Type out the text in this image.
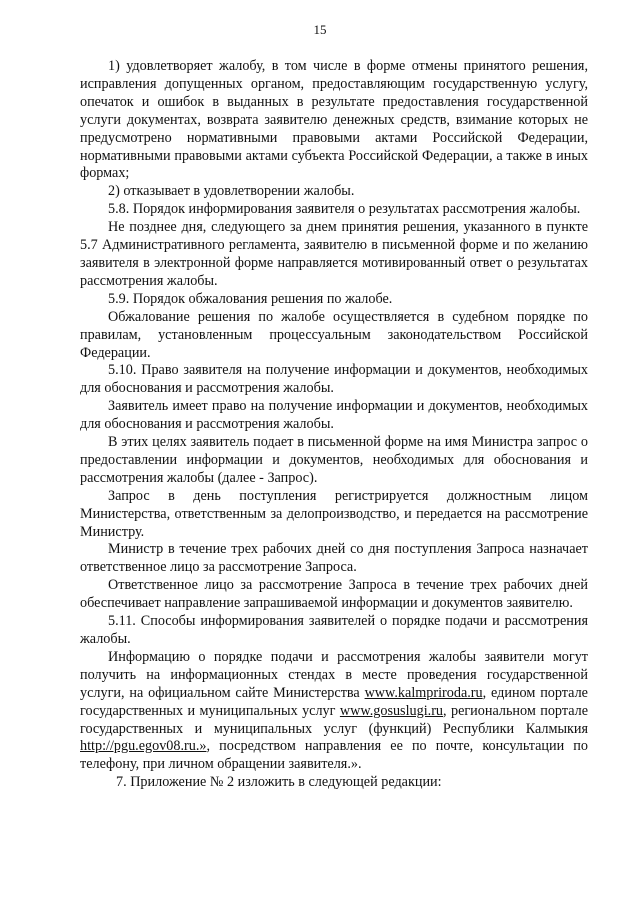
15

1) удовлетворяет жалобу, в том числе в форме отмены принятого решения, исправления допущенных органом, предоставляющим государственную услугу, опечаток и ошибок в выданных в результате предоставления государственной услуги документах, возврата заявителю денежных средств, взимание которых не предусмотрено нормативными правовыми актами Российской Федерации, нормативными правовыми актами субъекта Российской Федерации, а также в иных формах;

2) отказывает в удовлетворении жалобы.

5.8. Порядок информирования заявителя о результатах рассмотрения жалобы.

Не позднее дня, следующего за днем принятия решения, указанного в пункте 5.7 Административного регламента, заявителю в письменной форме и по желанию заявителя в электронной форме направляется мотивированный ответ о результатах рассмотрения жалобы.

5.9. Порядок обжалования решения по жалобе.

Обжалование решения по жалобе осуществляется в судебном порядке по правилам, установленным процессуальным законодательством Российской Федерации.

5.10. Право заявителя на получение информации и документов, необходимых для обоснования и рассмотрения жалобы.

Заявитель имеет право на получение информации и документов, необходимых для обоснования и рассмотрения жалобы.

В этих целях заявитель подает в письменной форме на имя Министра запрос о предоставлении информации и документов, необходимых для обоснования и рассмотрения жалобы (далее - Запрос).

Запрос в день поступления регистрируется должностным лицом Министерства, ответственным за делопроизводство, и передается на рассмотрение Министру.

Министр в течение трех рабочих дней со дня поступления Запроса назначает ответственное лицо за рассмотрение Запроса.

Ответственное лицо за рассмотрение Запроса в течение трех рабочих дней обеспечивает направление запрашиваемой информации и документов заявителю.

5.11. Способы информирования заявителей о порядке подачи и рассмотрения жалобы.

Информацию о порядке подачи и рассмотрения жалобы заявители могут получить на информационных стендах в месте проведения государственной услуги, на официальном сайте Министерства www.kalmpriroda.ru, едином портале государственных и муниципальных услуг www.gosuslugi.ru, региональном портале государственных и муниципальных услуг (функций) Республики Калмыкия http://pgu.egov08.ru.», посредством направления ее по почте, консультации по телефону, при личном обращении заявителя.».

7. Приложение № 2 изложить в следующей редакции:
